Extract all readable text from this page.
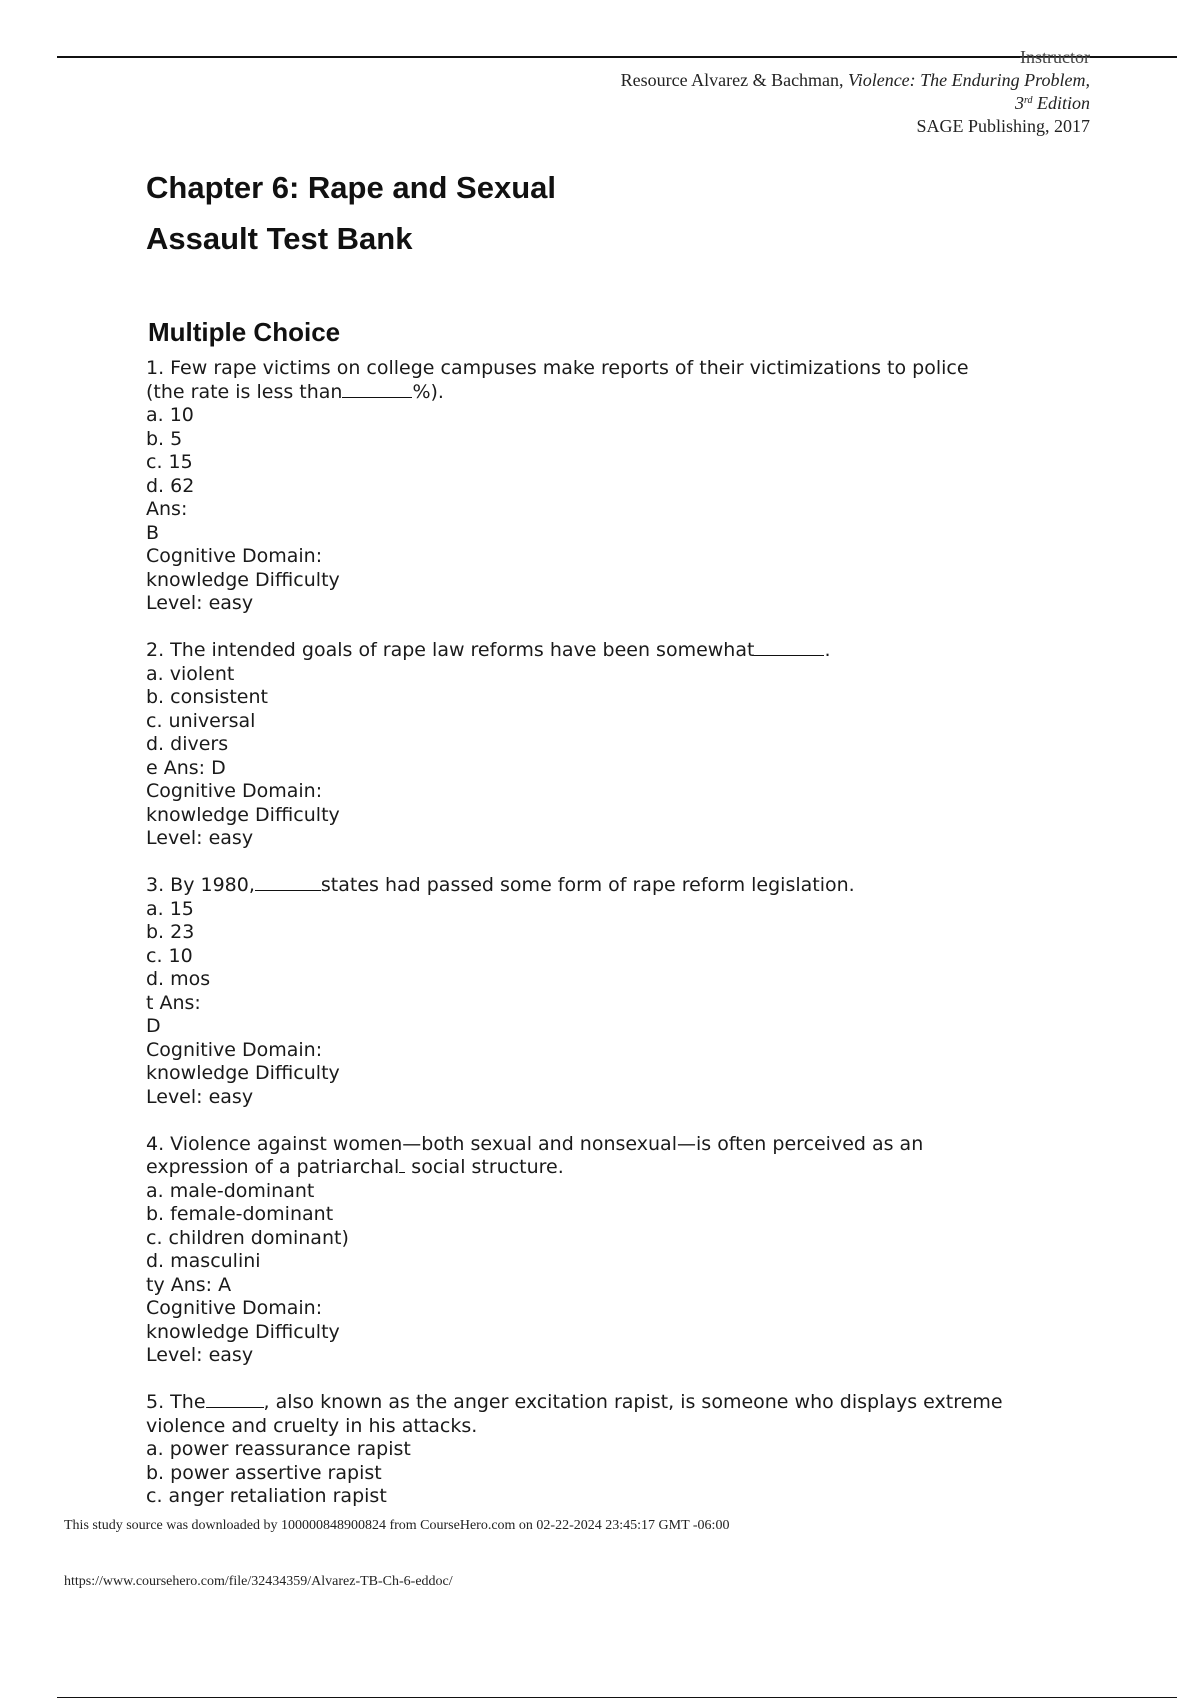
Instructor
Resource Alvarez & Bachman, Violence: The Enduring Problem,
3rd Edition
SAGE Publishing, 2017
Chapter 6: Rape and Sexual
Assault Test Bank
Multiple Choice

1. Few rape victims on college campuses make reports of their victimizations to police

(the rate is less than	%).

a. 10

b. 5

c. 15

d. 62

Ans:

B

Cognitive Domain:

knowledge Difficulty

Level: easy

2. The intended goals of rape law reforms have been somewhat	.

a. violent

b. consistent

c. universal

d. divers

e Ans: D

Cognitive Domain:

knowledge Difficulty

Level: easy

3. By 1980,	states had passed some form of rape reform legislation.

a. 15

b. 23

c. 10

d. mos

t Ans:

D

Cognitive Domain:

knowledge Difficulty

Level: easy

4. Violence against women—both sexual and nonsexual—is often perceived as an

expression of a patriarchal social structure.

a. male-dominant

b. female-dominant

c. children dominant)

d. masculini

ty Ans: A

Cognitive Domain:

knowledge Difficulty

Level: easy

5. The	, also known as the anger excitation rapist, is someone who displays extreme

violence and cruelty in his attacks.

a. power reassurance rapist

b. power assertive rapist

c. anger retaliation rapist

This study source was downloaded by 100000848900824 from CourseHero.com on 02-22-2024 23:45:17 GMT -06:00
https://www.coursehero.com/file/32434359/Alvarez-TB-Ch-6-eddoc/
